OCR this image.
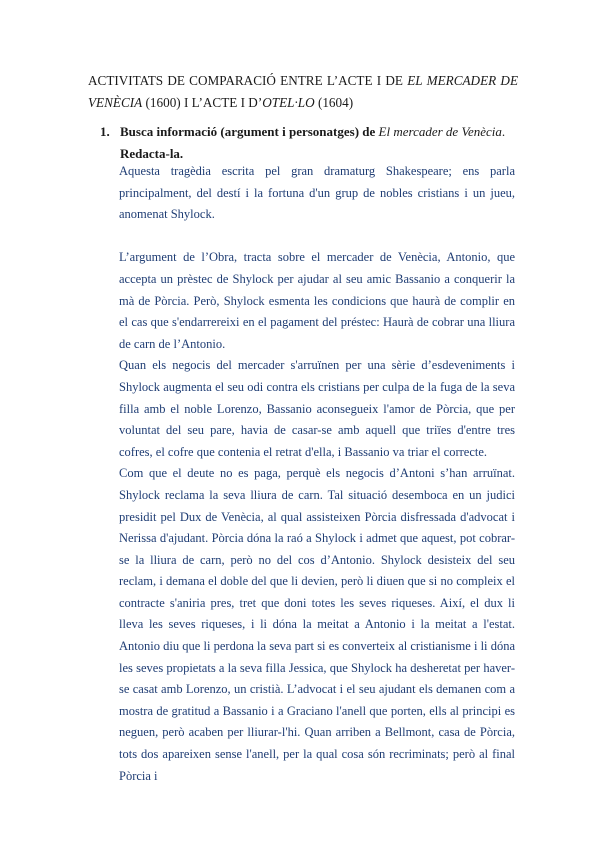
ACTIVITATS DE COMPARACIÓ ENTRE L’ACTE I DE EL MERCADER DE VENÈCIA (1600) I L’ACTE I D’OTEL·LO (1604)
1. Busca informació (argument i personatges) de El mercader de Venècia.
Redacta-la.

Aquesta tragèdia escrita pel gran dramaturg Shakespeare; ens parla principalment, del destí i la fortuna d'un grup de nobles cristians i un jueu, anomenat Shylock.

L’argument de l’Obra, tracta sobre el mercader de Venècia, Antonio, que accepta un prèstec de Shylock per ajudar al seu amic Bassanio a conquerir la mà de Pòrcia. Però, Shylock esmenta les condicions que haurà de complir en el cas que s'endarrereixi en el pagament del préstec: Haurà de cobrar una lliura de carn de l’Antonio.

Quan els negocis del mercader s'arruïnen per una sèrie d’esdeveniments i Shylock augmenta el seu odi contra els cristians per culpa de la fuga de la seva filla amb el noble Lorenzo, Bassanio aconsegueix l'amor de Pòrcia, que per voluntat del seu pare, havia de casar-se amb aquell que triïes d'entre tres cofres, el cofre que contenia el retrat d'ella, i Bassanio va triar el correcte.

Com que el deute no es paga, perquè els negocis d’Antoni s’han arruïnat. Shylock reclama la seva lliura de carn. Tal situació desemboca en un judici presidit pel Dux de Venècia, al qual assisteixen Pòrcia disfressada d'advocat i Nerissa d'ajudant. Pòrcia dóna la raó a Shylock i admet que aquest, pot cobrar-se la lliura de carn, però no del cos d’Antonio. Shylock desisteix del seu reclam, i demana el doble del que li devien, però li diuen que si no compleix el contracte s'aniria pres, tret que doni totes les seves riqueses. Així, el dux li lleva les seves riqueses, i li dóna la meitat a Antonio i la meitat a l'estat. Antonio diu que li perdona la seva part si es converteix al cristianisme i li dóna les seves propietats a la seva filla Jessica, que Shylock ha desheretat per haver-se casat amb Lorenzo, un cristià. L’advocat i el seu ajudant els demanen com a mostra de gratitud a Bassanio i a Graciano l'anell que porten, ells al principi es neguen, però acaben per lliurar-l'hi. Quan arriben a Bellmont, casa de Pòrcia, tots dos apareixen sense l'anell, per la qual cosa són recriminats; però al final Pòrcia i
